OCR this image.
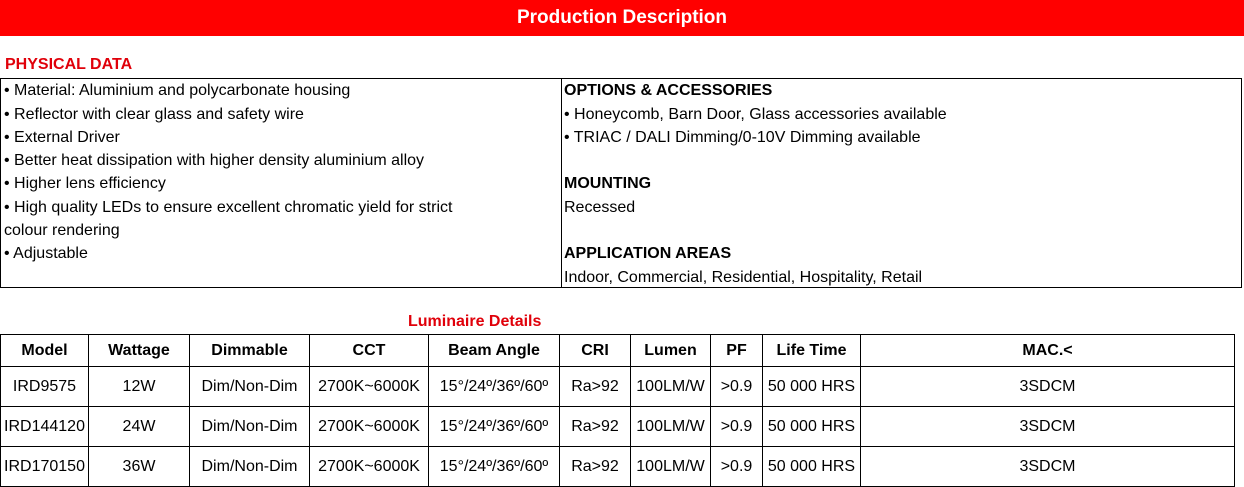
Production Description
PHYSICAL DATA
• Material: Aluminium and polycarbonate housing
• Reflector with clear glass and safety wire
• External Driver
• Better heat dissipation with higher density aluminium alloy
• Higher lens efficiency
• High quality LEDs to ensure excellent chromatic yield for strict
colour rendering
• Adjustable
OPTIONS & ACCESSORIES
• Honeycomb, Barn Door, Glass accessories available
• TRIAC / DALI Dimming/0-10V Dimming available
MOUNTING
Recessed
APPLICATION AREAS
Indoor, Commercial, Residential, Hospitality, Retail
Luminaire Details
Model	Wattage	Dimmable	CCT	Beam Angle	CRI	Lumen	PF	Life Time	MAC.<
IRD9575	12W	Dim/Non-Dim	2700K~6000K	15°/24º/36º/60º	Ra>92	100LM/W	>0.9	50 000 HRS	3SDCM
IRD144120	24W	Dim/Non-Dim	2700K~6000K	15°/24º/36º/60º	Ra>92	100LM/W	>0.9	50 000 HRS	3SDCM
IRD170150	36W	Dim/Non-Dim	2700K~6000K	15°/24º/36º/60º	Ra>92	100LM/W	>0.9	50 000 HRS	3SDCM
